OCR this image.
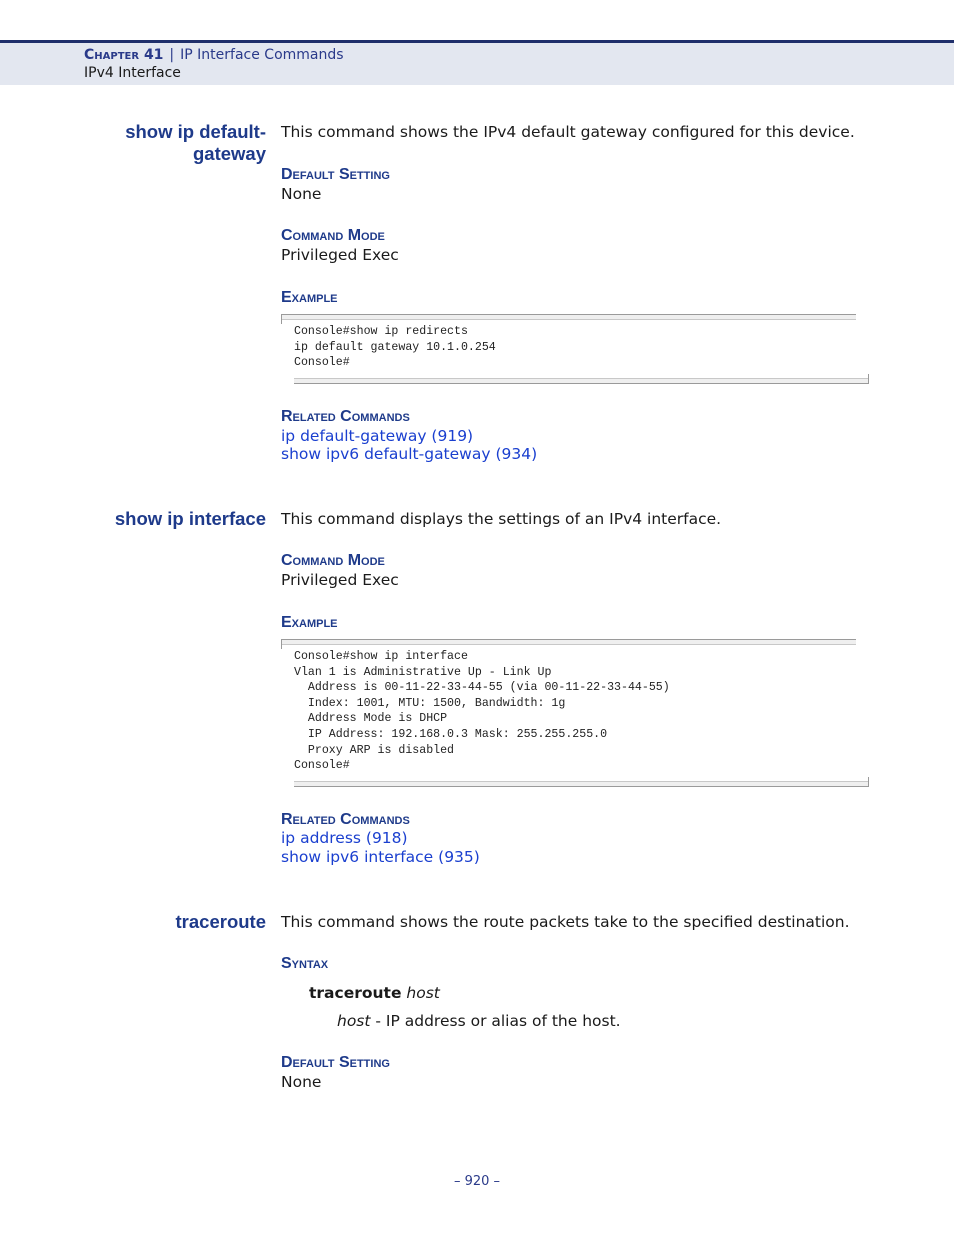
Chapter 41 | IP Interface Commands
IPv4 Interface
show ip default-
gateway
This command shows the IPv4 default gateway configured for this device.
Default Setting
None
Command Mode
Privileged Exec
Example
Console#show ip redirects
ip default gateway 10.1.0.254
Console#
Related Commands
ip default-gateway (919)
show ipv6 default-gateway (934)
show ip interface This command displays the settings of an IPv4 interface.
Command Mode
Privileged Exec
Example
Console#show ip interface
Vlan 1 is Administrative Up - Link Up
Address is 00-11-22-33-44-55 (via 00-11-22-33-44-55)
Index: 1001, MTU: 1500, Bandwidth: 1g
Address Mode is DHCP
IP Address: 192.168.0.3 Mask: 255.255.255.0
Proxy ARP is disabled
Console#
Related Commands
ip address (918)
show ipv6 interface (935)
traceroute This command shows the route packets take to the specified destination.
Syntax
traceroute host
host - IP address or alias of the host.
Default Setting
None
– 920 –
